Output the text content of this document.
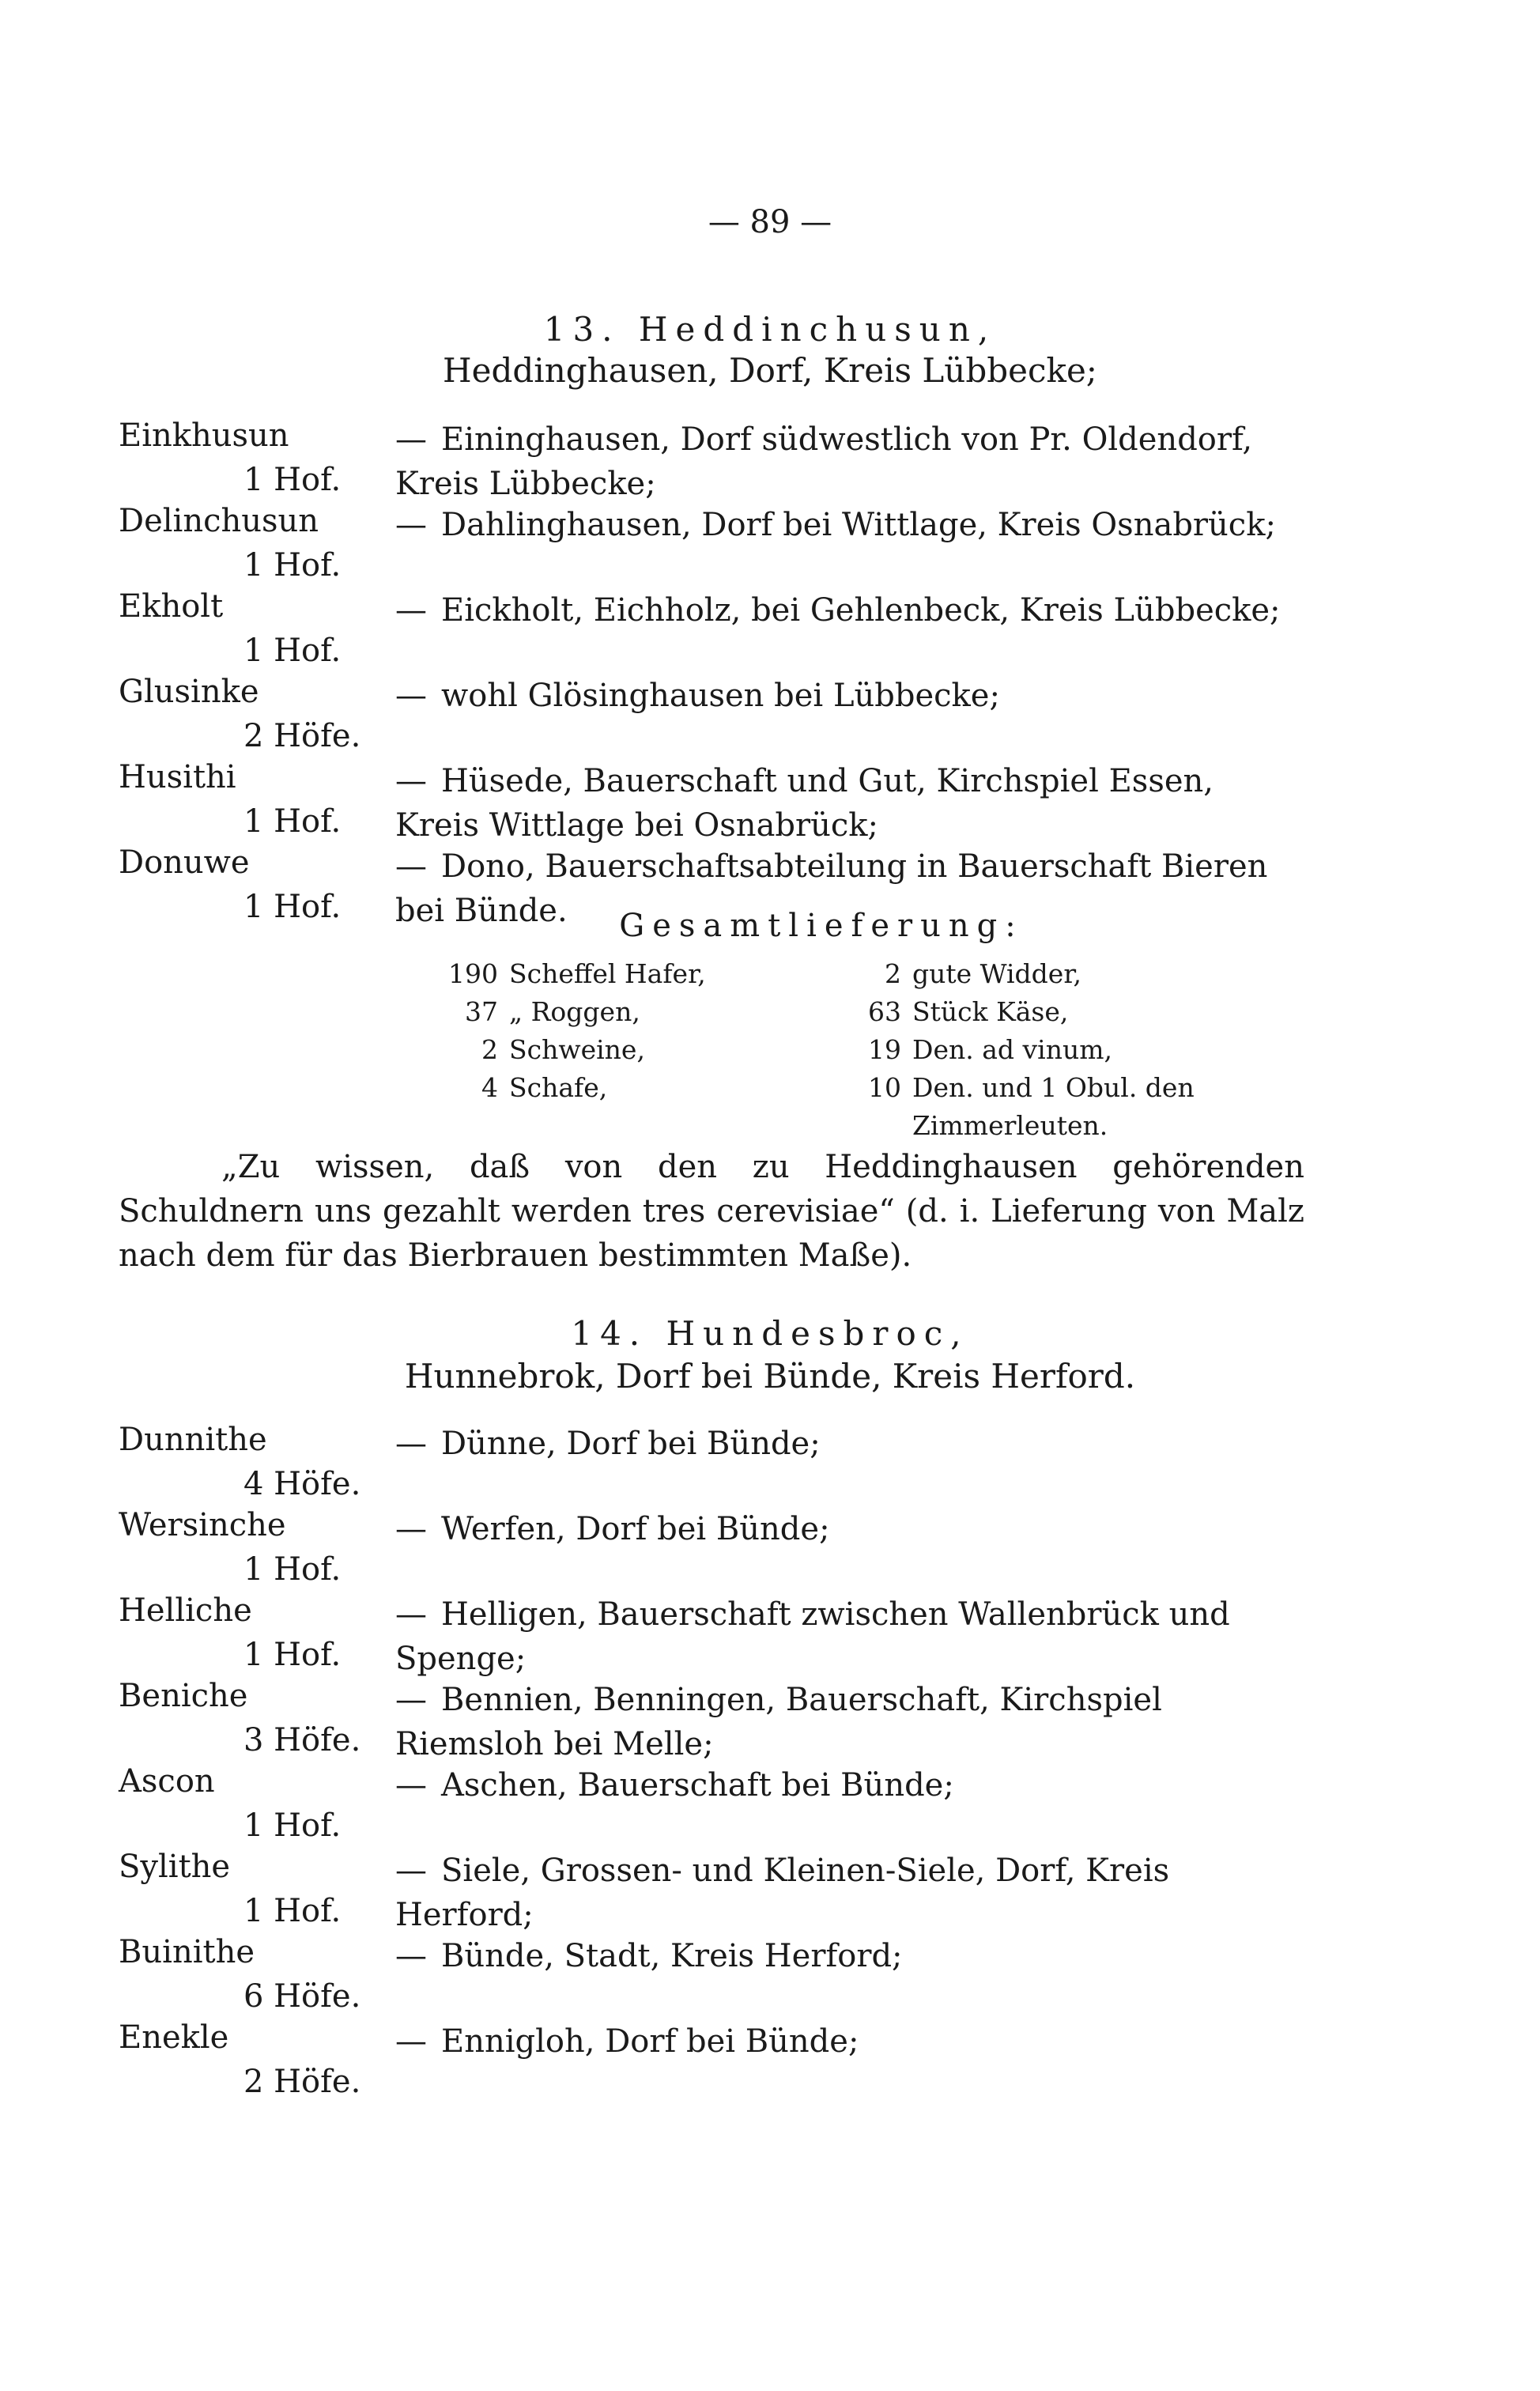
— 89 —
13. Heddinchusun,
Heddinghausen, Dorf, Kreis Lübbecke;
Einkhusun
1 Hof.
— Eininghausen, Dorf südwestlich von Pr. Oldendorf, Kreis Lübbecke;
Delinchusun
1 Hof.
— Dahlinghausen, Dorf bei Wittlage, Kreis Osnabrück;
Ekholt
1 Hof.
— Eickholt, Eichholz, bei Gehlenbeck, Kreis Lübbecke;
Glusinke
2 Höfe.
— wohl Glösinghausen bei Lübbecke;
Husithi
1 Hof.
— Hüsede, Bauerschaft und Gut, Kirchspiel Essen, Kreis Wittlage bei Osnabrück;
Donuwe
1 Hof.
— Dono, Bauerschaftsabteilung in Bauerschaft Bieren bei Bünde.	Gesamtlieferung:
190 Scheffel Hafer,
37 „ Roggen,
2 Schweine,
4 Schafe,
2 gute Widder,
63 Stück Käse,
19 Den. ad vinum,
10 Den. und 1 Obul. den
Zimmerleuten.
„Zu wissen, daß von den zu Heddinghausen gehörenden Schuldnern uns gezahlt werden tres cerevisiae“ (d. i. Lieferung von Malz nach dem für das Bierbrauen bestimmten Maße).
14. Hundesbroc,
Hunnebrok, Dorf bei Bünde, Kreis Herford.
Dunnithe
4 Höfe.
— Dünne, Dorf bei Bünde;
Wersinche
1 Hof.
— Werfen, Dorf bei Bünde;
Helliche
1 Hof.
— Helligen, Bauerschaft zwischen Wallenbrück und Spenge;
Beniche
3 Höfe.
— Bennien, Benningen, Bauerschaft, Kirchspiel Riemsloh bei Melle;
Ascon
1 Hof.
— Aschen, Bauerschaft bei Bünde;
Sylithe
1 Hof.
— Siele, Grossen- und Kleinen-Siele, Dorf, Kreis Herford;
Buinithe
6 Höfe.
— Bünde, Stadt, Kreis Herford;
Enekle
2 Höfe.
— Ennigloh, Dorf bei Bünde;
